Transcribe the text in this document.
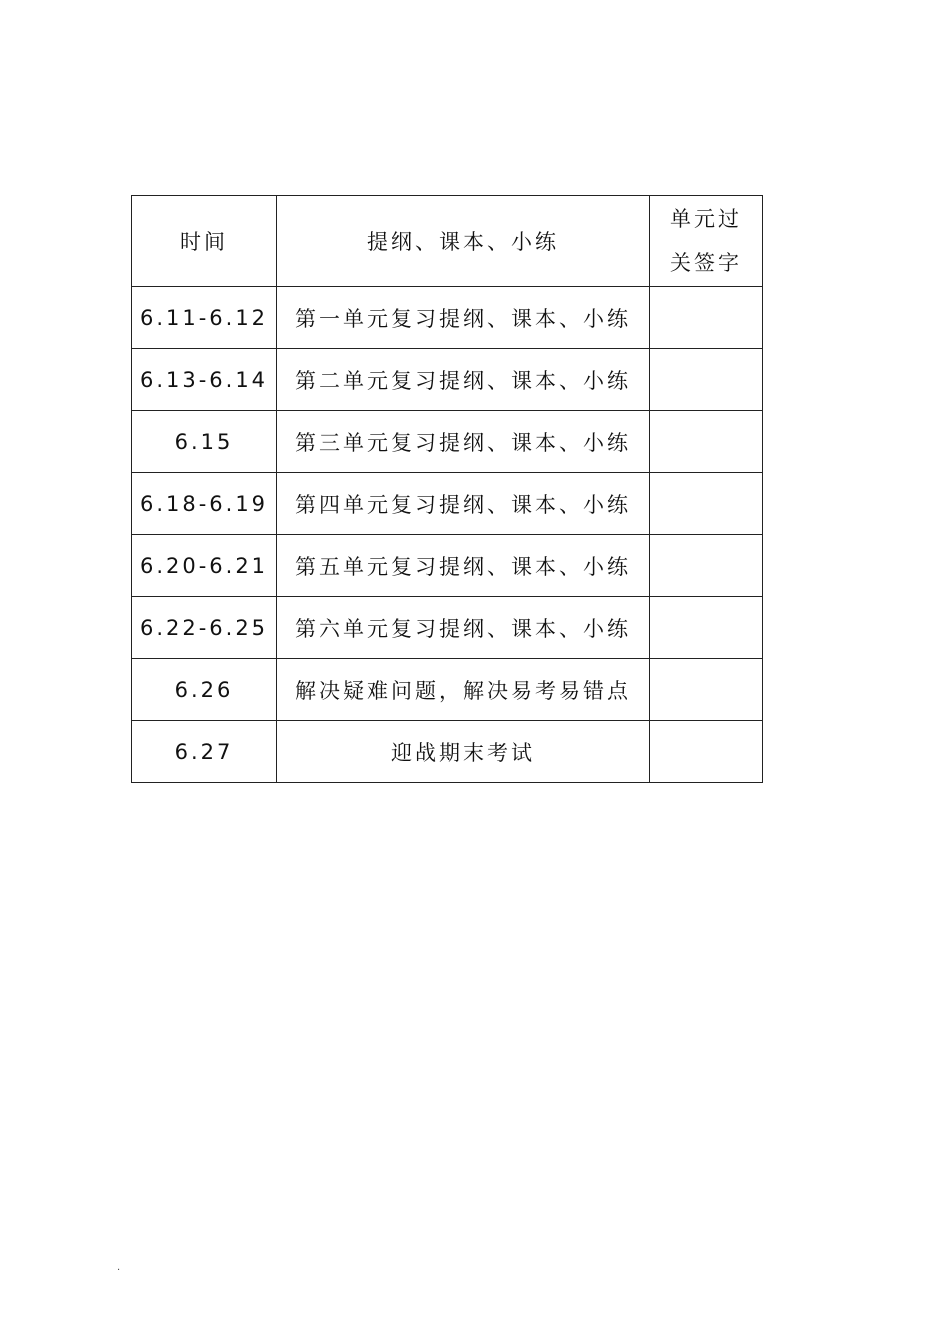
时间	提纲、课本、小练	单元过
关签字

6.11-6.12	第一单元复习提纲、课本、小练	
6.13-6.14	第二单元复习提纲、课本、小练	
6.15	第三单元复习提纲、课本、小练	
6.18-6.19	第四单元复习提纲、课本、小练	
6.20-6.21	第五单元复习提纲、课本、小练	
6.22-6.25	第六单元复习提纲、课本、小练	
6.26	解决疑难问题，解决易考易错点	
6.27	迎战期末考试	
.
